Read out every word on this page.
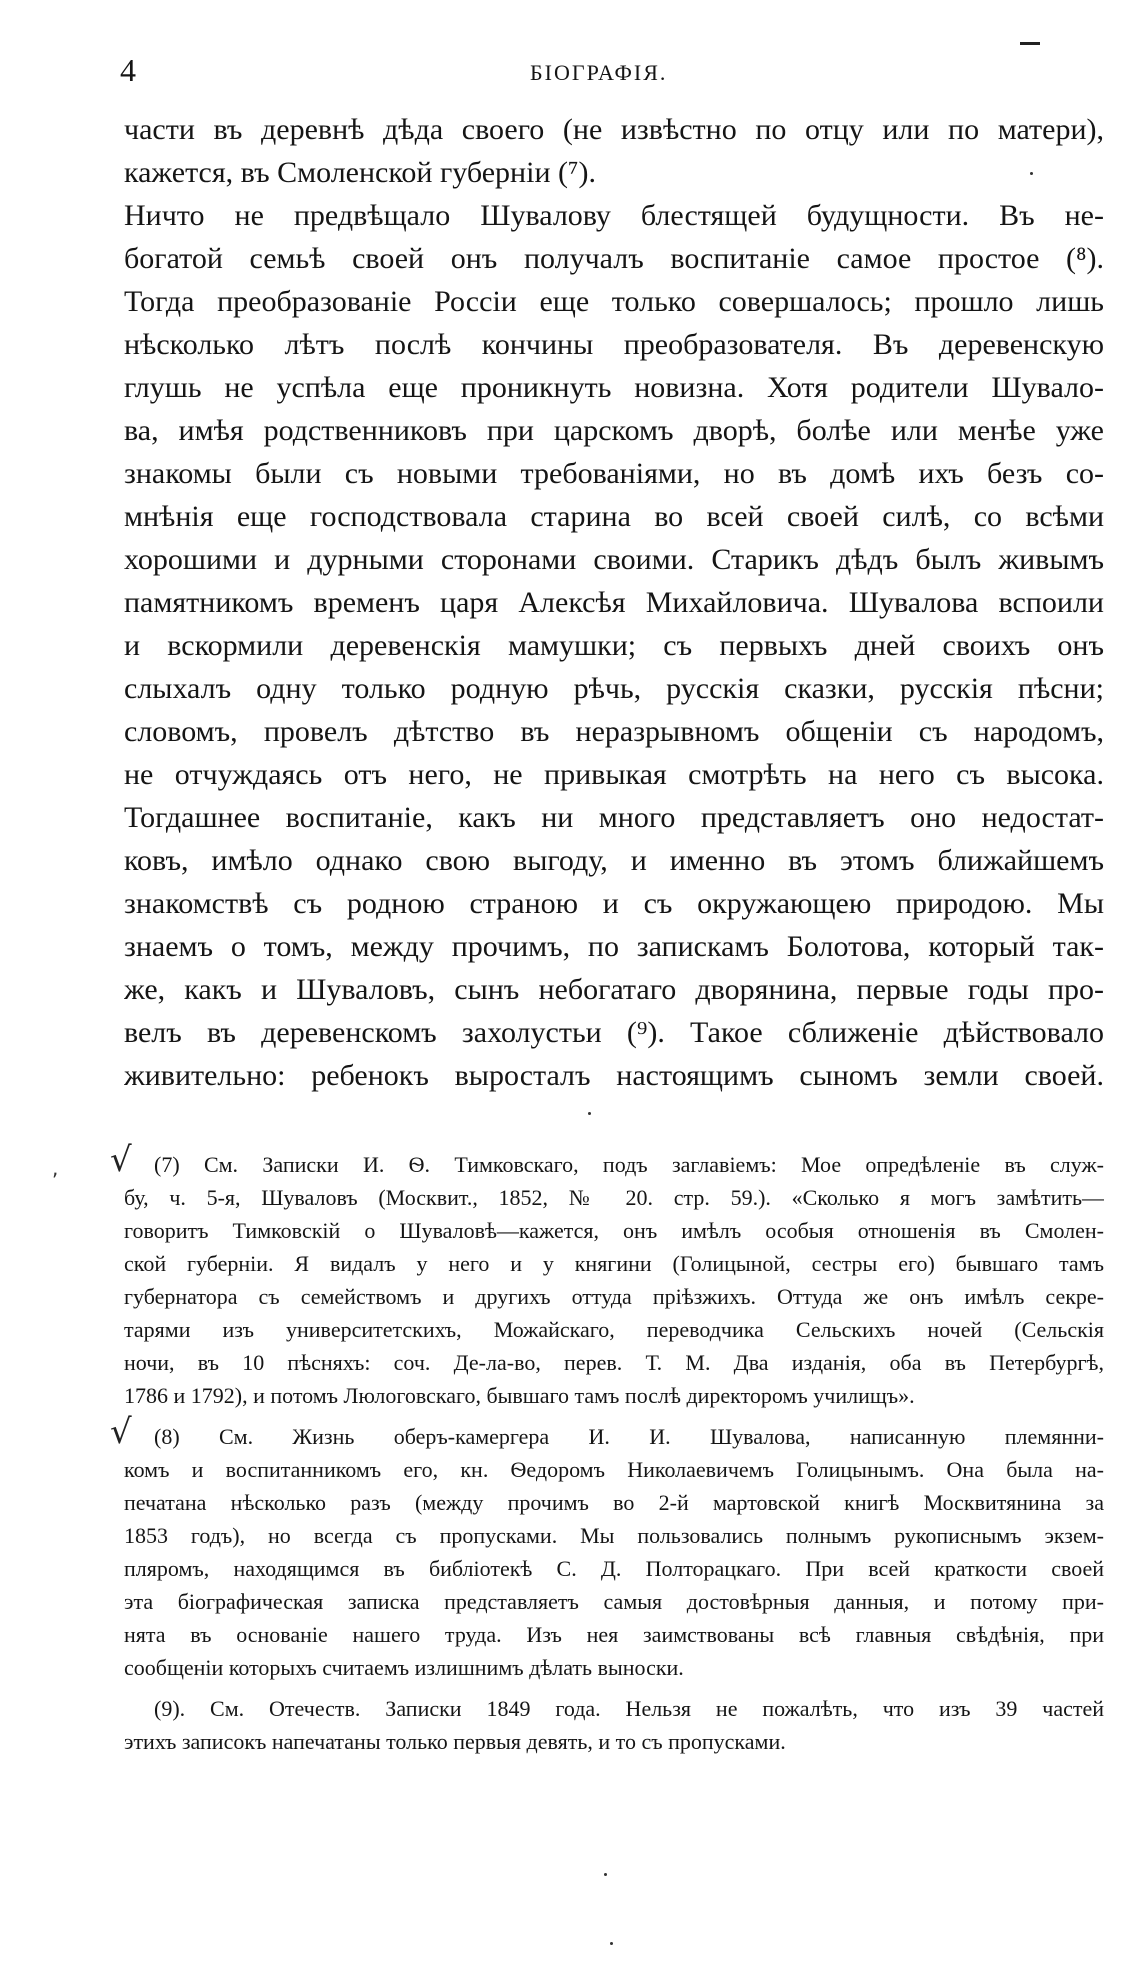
4	БІОГРАФІЯ.
части въ деревнѣ дѣда своего (не извѣстно по отцу или по матери),
кажется, въ Смоленской губерніи (⁷).
Ничто не предвѣщало Шувалову блестящей будущности. Въ не-
богатой семьѣ своей онъ получалъ воспитаніе самое простое (⁸).
Тогда преобразованіе Россіи еще только совершалось; прошло лишь
нѣсколько лѣтъ послѣ кончины преобразователя. Въ деревенскую
глушь не успѣла еще проникнуть новизна. Хотя родители Шувало-
ва, имѣя родственниковъ при царскомъ дворѣ, болѣе или менѣе уже
знакомы были съ новыми требованіями, но въ домѣ ихъ безъ со-
мнѣнія еще господствовала старина во всей своей силѣ, со всѣми
хорошими и дурными сторонами своими. Старикъ дѣдъ былъ живымъ
памятникомъ временъ царя Алексѣя Михайловича. Шувалова вспоили
и вскормили деревенскія мамушки; съ первыхъ дней своихъ онъ
слыхалъ одну только родную рѣчь, русскія сказки, русскія пѣсни;
словомъ, провелъ дѣтство въ неразрывномъ общеніи съ народомъ,
не отчуждаясь отъ него, не привыкая смотрѣть на него съ высока.
Тогдашнее воспитаніе, какъ ни много представляетъ оно недостат-
ковъ, имѣло однако свою выгоду, и именно въ этомъ ближайшемъ
знакомствѣ съ родною страною и съ окружающею природою. Мы
знаемъ о томъ, между прочимъ, по запискамъ Болотова, который так-
же, какъ и Шуваловъ, сынъ небогатаго дворянина, первые годы про-
велъ въ деревенскомъ захолустьи (⁹). Такое сближеніе дѣйствовало
живительно: ребенокъ выросталъ настоящимъ сыномъ земли своей.
(7) См. Записки И. Ѳ. Тимковскаго, подъ заглавіемъ: Мое опредѣленіе въ служ-
бу, ч. 5-я, Шуваловъ (Москвит., 1852, № 20. стр. 59.). «Сколько я могъ замѣтить—
говоритъ Тимковскій о Шуваловѣ—кажется, онъ имѣлъ особыя отношенія въ Смолен-
ской губерніи. Я видалъ у него и у княгини (Голицыной, сестры его) бывшаго тамъ
губернатора съ семействомъ и другихъ оттуда пріѣзжихъ. Оттуда же онъ имѣлъ секре-
тарями изъ университетскихъ, Можайскаго, переводчика Сельскихъ ночей (Сельскія
ночи, въ 10 пѣсняхъ: соч. Де-ла-во, перев. Т. М. Два изданія, оба въ Петербургѣ,
1786 и 1792), и потомъ Люлоговскаго, бывшаго тамъ послѣ директоромъ училищъ».
(8) См. Жизнь оберъ-камергера И. И. Шувалова, написанную племянни-
комъ и воспитанникомъ его, кн. Ѳедоромъ Николаевичемъ Голицынымъ. Она была на-
печатана нѣсколько разъ (между прочимъ во 2-й мартовской книгѣ Москвитянина за
1853 годъ), но всегда съ пропусками. Мы пользовались полнымъ рукописнымъ экзем-
пляромъ, находящимся въ библіотекѣ С. Д. Полторацкаго. При всей краткости своей
эта біографическая записка представляетъ самыя достовѣрныя данныя, и потому при-
нята въ основаніе нашего труда. Изъ нея заимствованы всѣ главныя свѣдѣнія, при
сообщеніи которыхъ считаемъ излишнимъ дѣлать выноски.
(9). См. Отечеств. Записки 1849 года. Нельзя не пожалѣть, что изъ 39 частей
этихъ записокъ напечатаны только первыя девять, и то съ пропусками.
√
√
,
